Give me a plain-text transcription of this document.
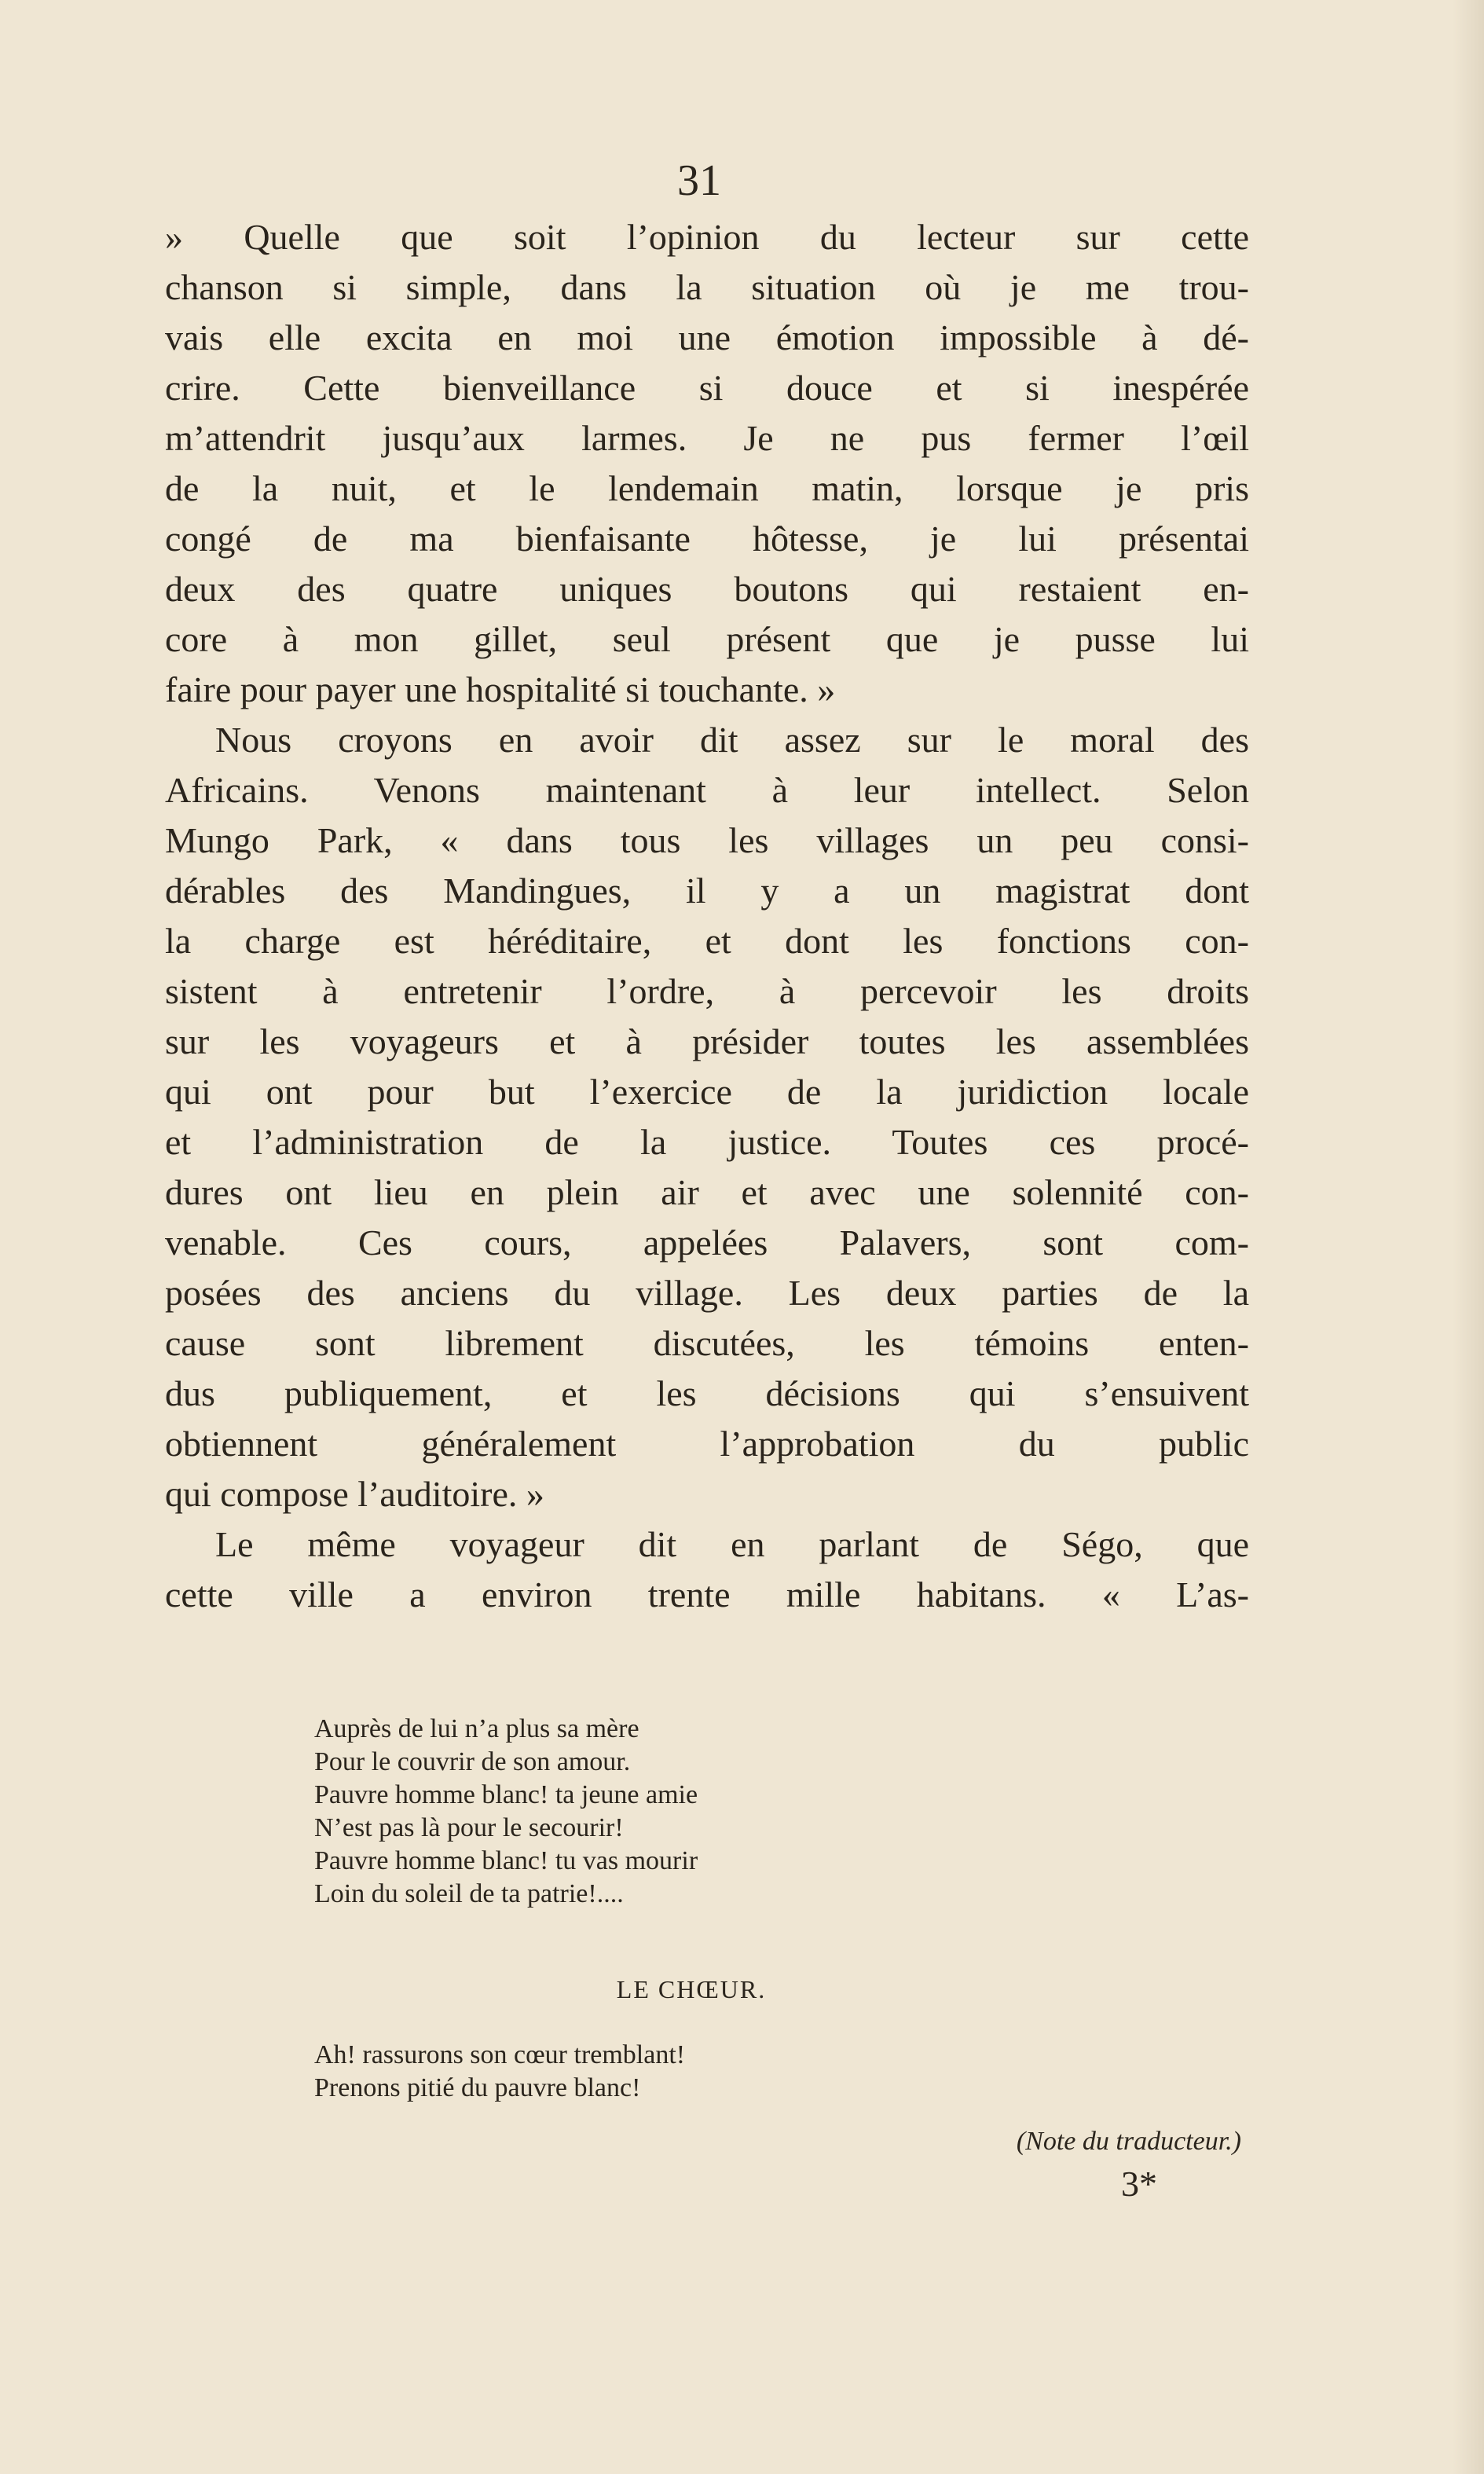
31
» Quelle que soit l’opinion du lecteur sur cette
chanson si simple, dans la situation où je me trou-
vais elle excita en moi une émotion impossible à dé-
crire. Cette bienveillance si douce et si inespérée
m’attendrit jusqu’aux larmes. Je ne pus fermer l’œil
de la nuit, et le lendemain matin, lorsque je pris
congé de ma bienfaisante hôtesse, je lui présentai
deux des quatre uniques boutons qui restaient en-
core à mon gillet, seul présent que je pusse lui
faire pour payer une hospitalité si touchante. »
Nous croyons en avoir dit assez sur le moral des
Africains. Venons maintenant à leur intellect. Selon
Mungo Park, « dans tous les villages un peu consi-
dérables des Mandingues, il y a un magistrat dont
la charge est héréditaire, et dont les fonctions con-
sistent à entretenir l’ordre, à percevoir les droits
sur les voyageurs et à présider toutes les assemblées
qui ont pour but l’exercice de la juridiction locale
et l’administration de la justice. Toutes ces procé-
dures ont lieu en plein air et avec une solennité con-
venable. Ces cours, appelées Palavers, sont com-
posées des anciens du village. Les deux parties de la
cause sont librement discutées, les témoins enten-
dus publiquement, et les décisions qui s’ensuivent
obtiennent généralement l’approbation du public
qui compose l’auditoire. »
Le même voyageur dit en parlant de Ségo, que
cette ville a environ trente mille habitans. « L’as-
Auprès de lui n’a plus sa mère
Pour le couvrir de son amour.
Pauvre homme blanc! ta jeune amie
N’est pas là pour le secourir!
Pauvre homme blanc! tu vas mourir
Loin du soleil de ta patrie!....
LE CHŒUR.
Ah! rassurons son cœur tremblant!
Prenons pitié du pauvre blanc!
(Note du traducteur.)
3*
